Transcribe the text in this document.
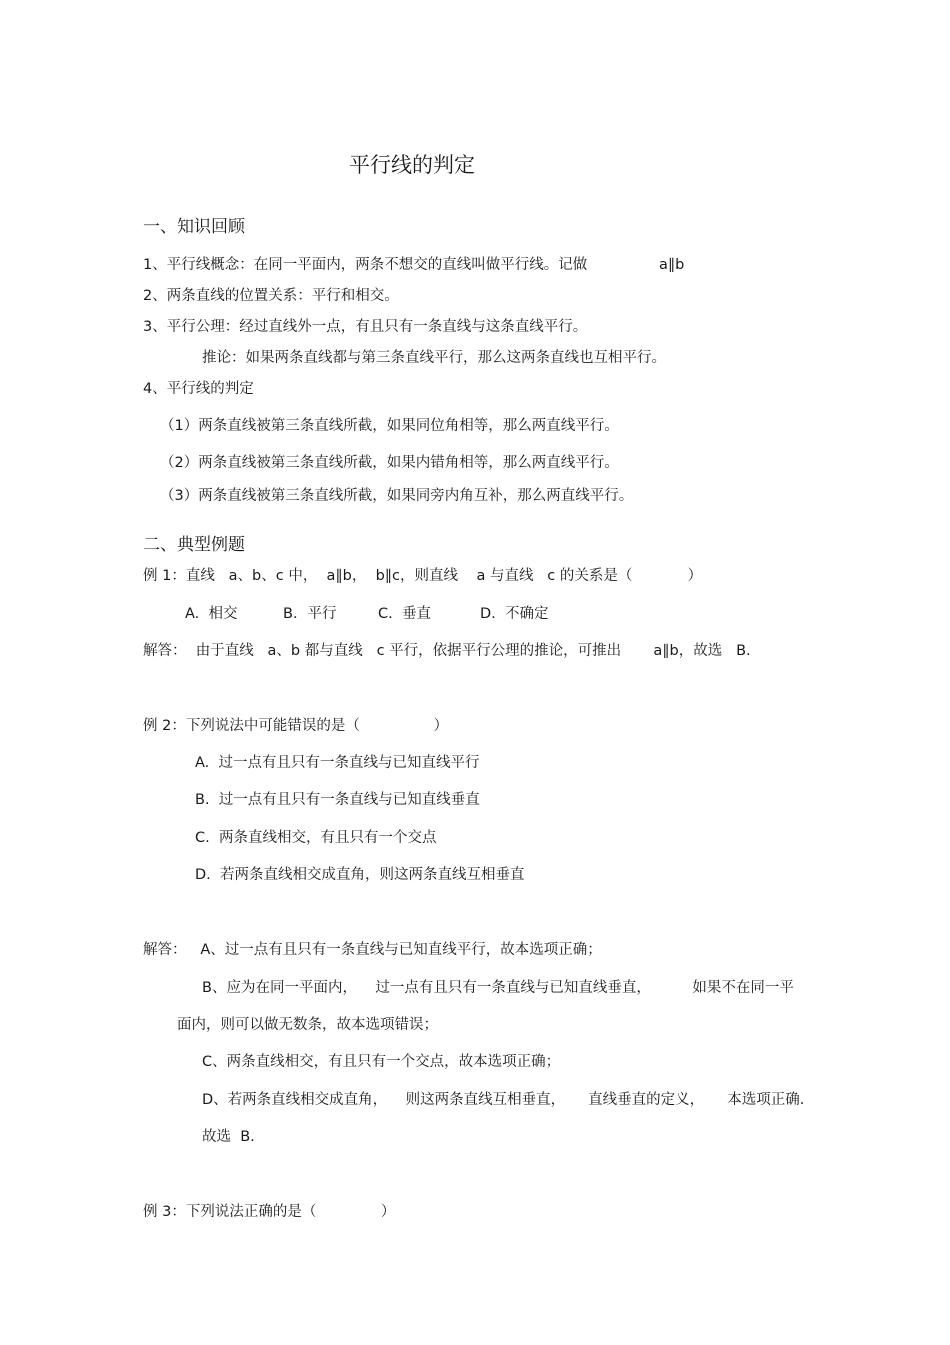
平行线的判定
一、知识回顾
1、平行线概念：在同一平面内，两条不想交的直线叫做平行线。记做	a∥b
2、两条直线的位置关系：平行和相交。
3、平行公理：经过直线外一点，有且只有一条直线与这条直线平行。
推论：如果两条直线都与第三条直线平行，那么这两条直线也互相平行。
4、平行线的判定
（1）两条直线被第三条直线所截，如果同位角相等，那么两直线平行。
（2）两条直线被第三条直线所截，如果内错角相等，那么两直线平行。
（3）两条直线被第三条直线所截，如果同旁内角互补，那么两直线平行。
二、典型例题
例 1：直线   a、b、c 中，  a∥b，  b∥c，则直线    a 与直线   c 的关系是（            ）
A.  相交	B．平行	C.  垂直	D.  不确定
解答：  由于直线   a、b 都与直线   c 平行，依据平行公理的推论，可推出       a∥b，故选   B.
例 2：下列说法中可能错误的是（                ）
A.  过一点有且只有一条直线与已知直线平行
B.  过一点有且只有一条直线与已知直线垂直
C.  两条直线相交，有且只有一个交点
D.  若两条直线相交成直角，则这两条直线互相垂直
解答：   A、过一点有且只有一条直线与已知直线平行，故本选项正确；
B、应为在同一平面内，    过一点有且只有一条直线与已知直线垂直，         如果不在同一平
面内，则可以做无数条，故本选项错误；
C、两条直线相交，有且只有一个交点，故本选项正确；
D、若两条直线相交成直角，    则这两条直线互相垂直，     直线垂直的定义，     本选项正确.
故选  B.
例 3：下列说法正确的是（              ）
